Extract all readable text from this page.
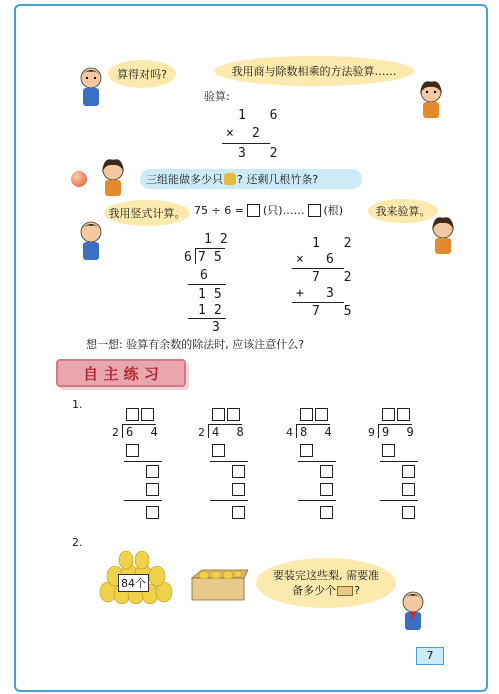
算得对吗?	我用商与除数相乘的方法验算……
验算:
1 6
× 2
3 2
三组能做多少只 ? 还剩几根竹条?
我用竖式计算。 75 ÷ 6 = (只)…… (根)	我来验算。
12
6 75
6
15
12
3
1 2
× 6
7 2
+ 3
7 5
想一想: 验算有余数的除法时, 应该注意什么?
自 主 练 习
1.
2 6 4	2 4 8	4 8 4	9 9 9
2.
84个
要装完这些梨, 需要准备多少个 ?
7
